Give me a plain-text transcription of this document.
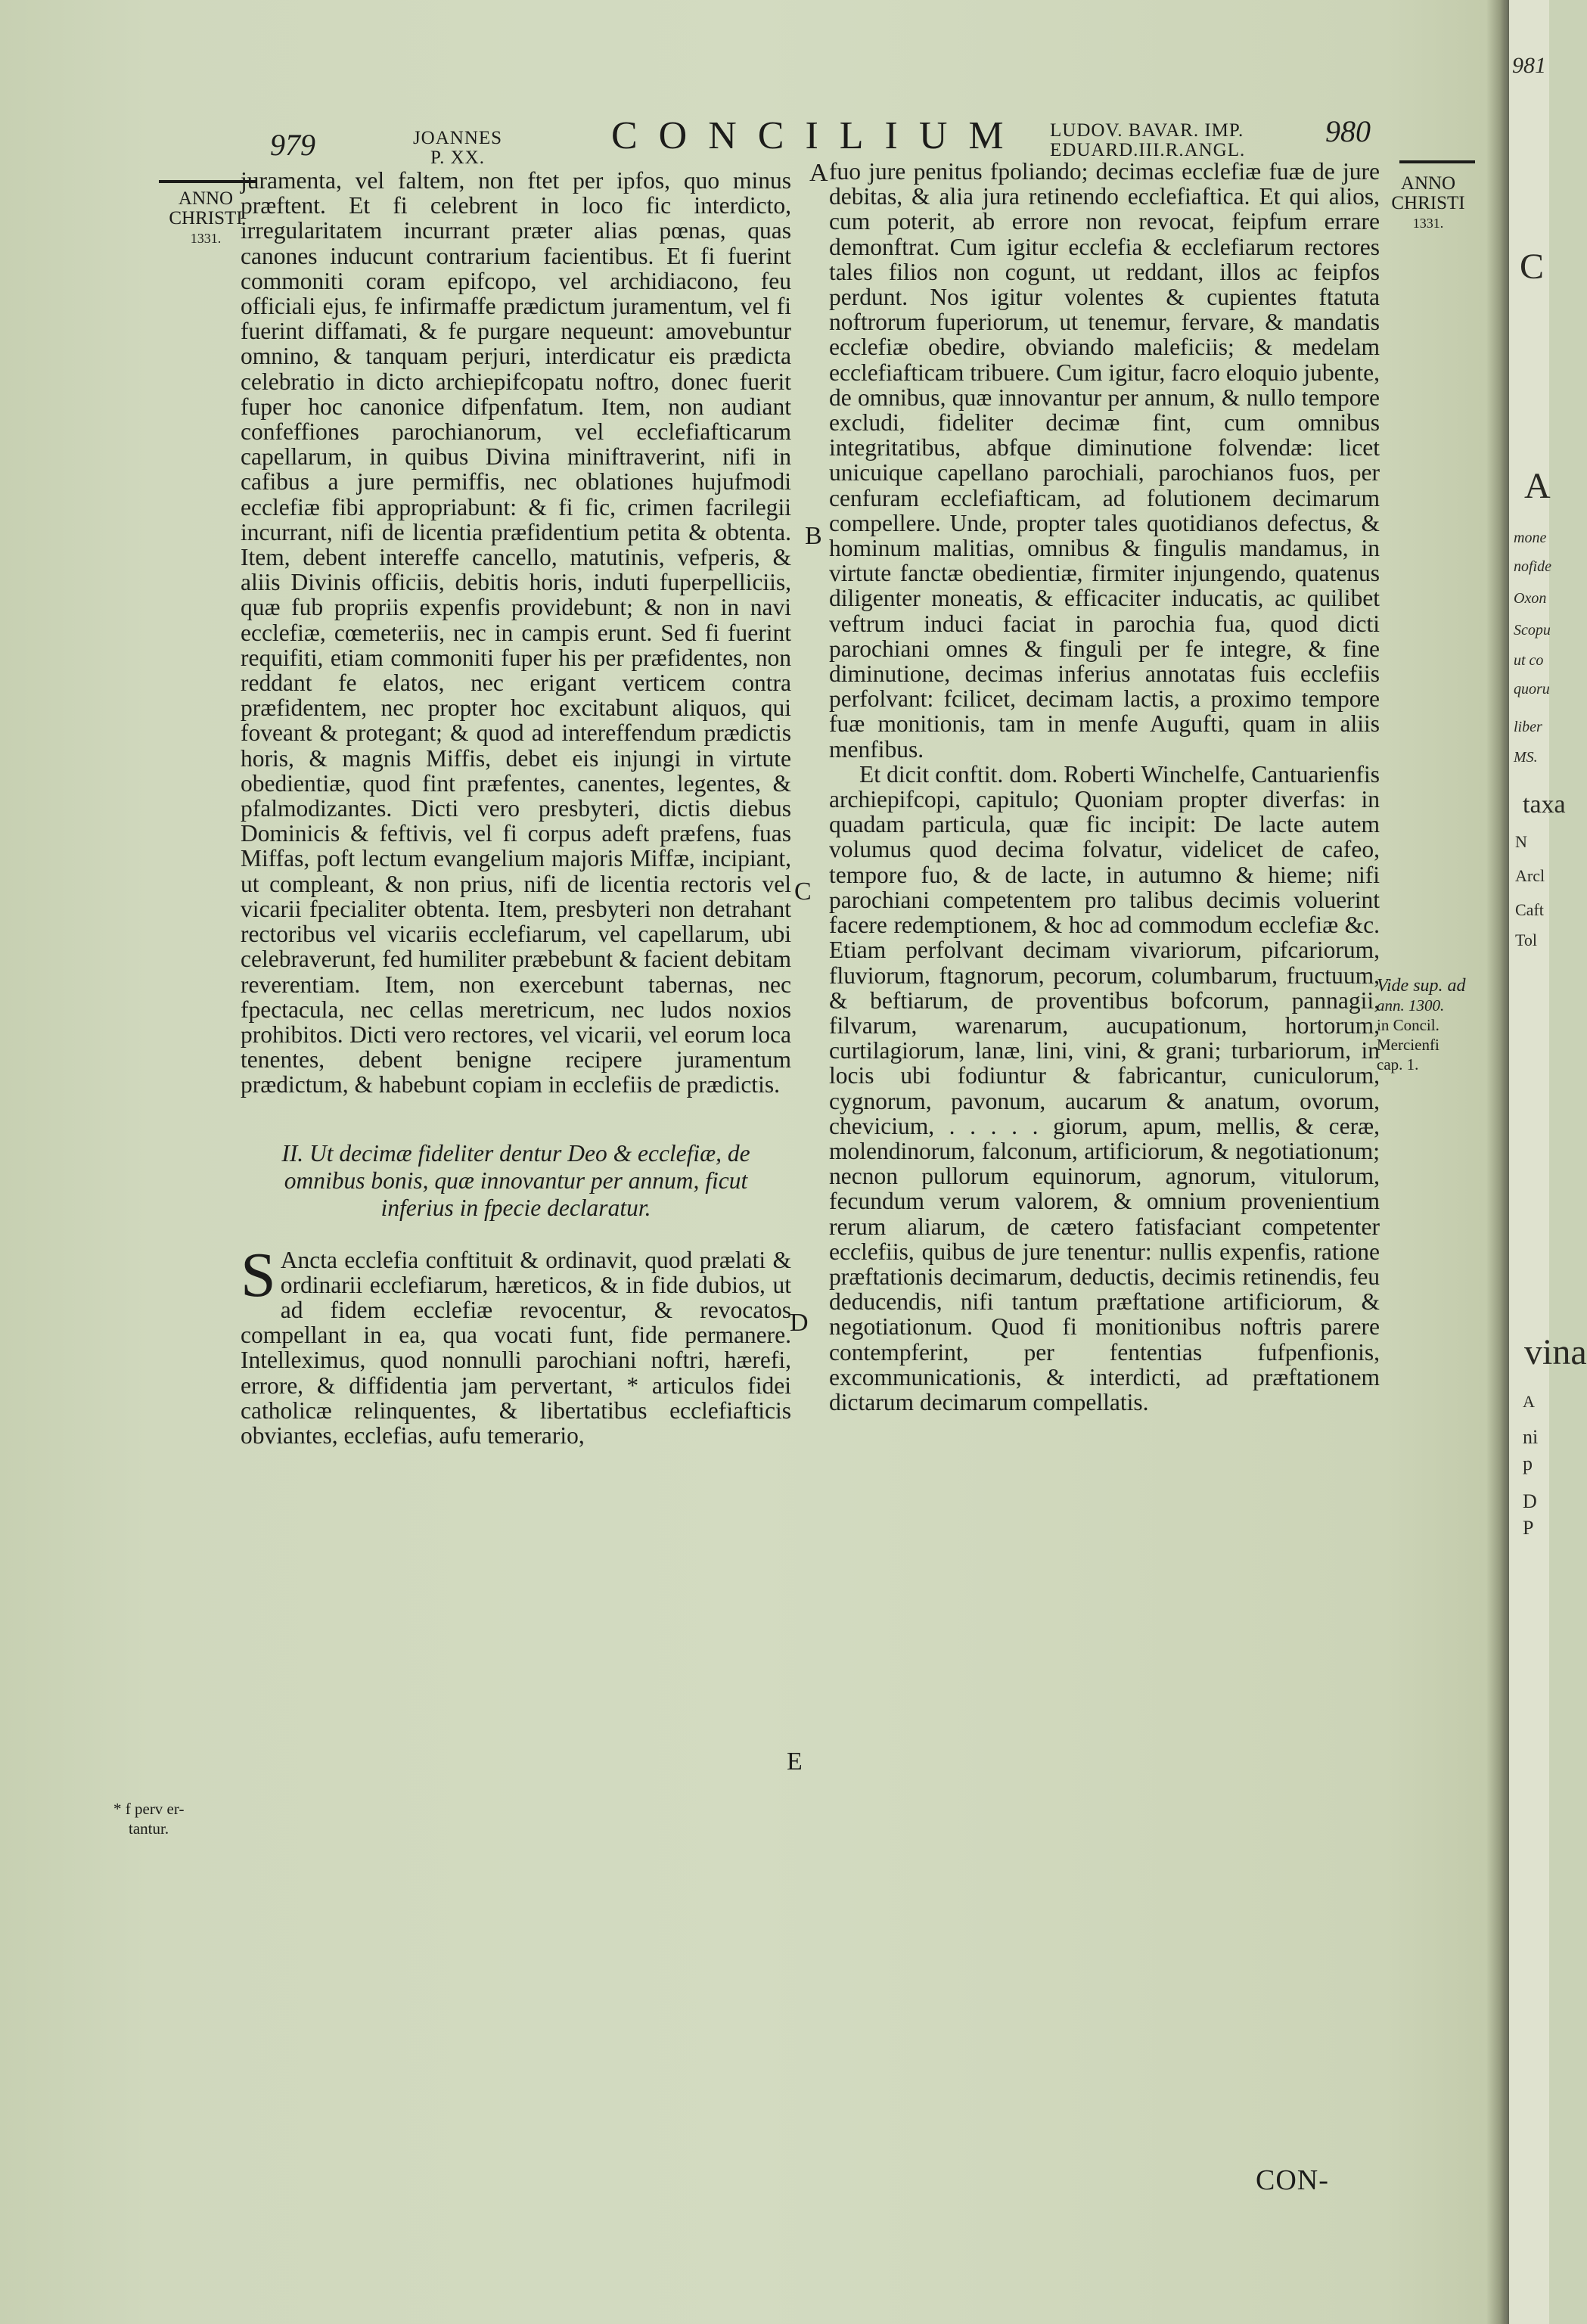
981
C
A
mone
nofide
Oxon
Scopu
ut co
quoru
liber
MS.
taxa
N
Arcl
Caft
Tol
vina
A
ni
p
D
P
979	JOANNES
P. XX.
CONCILIUM LUDOV. BAVAR. IMP.
EDUARD.III.R.ANGL.
980
ANNO
CHRISTI
1331.
ANNO
CHRISTI
1331.
* f perv er-
tantur.
Vide sup. ad
ann. 1300.
in Concil.
Mercienfi
cap. 1.
A
B
C
D
E

juramenta, vel faltem, non ftet per ipfos, quo minus præftent. Et fi celebrent in loco fic interdicto, irregularitatem incurrant præter alias pœnas, quas canones inducunt contrarium facientibus. Et fi fuerint commoniti coram epifcopo, vel archidiacono, feu officiali ejus, fe infirmaffe prædictum juramentum, vel fi fuerint diffamati, & fe purgare nequeunt: amovebuntur omnino, & tanquam perjuri, interdicatur eis prædicta celebratio in dicto archiepifcopatu noftro, donec fuerit fuper hoc canonice difpenfatum. Item, non audiant confeffiones parochianorum, vel ecclefiafticarum capellarum, in quibus Divina miniftraverint, nifi in cafibus a jure permiffis, nec oblationes hujufmodi ecclefiæ fibi appropriabunt: & fi fic, crimen facrilegii incurrant, nifi de licentia præfidentium petita & obtenta. Item, debent intereffe cancello, matutinis, vefperis, & aliis Divinis officiis, debitis horis, induti fuperpelliciis, quæ fub propriis expenfis providebunt; & non in navi ecclefiæ, cœmeteriis, nec in campis erunt. Sed fi fuerint requifiti, etiam commoniti fuper his per præfidentes, non reddant fe elatos, nec erigant verticem contra præfidentem, nec propter hoc excitabunt aliquos, qui foveant & protegant; & quod ad intereffendum prædictis horis, & magnis Miffis, debet eis injungi in virtute obedientiæ, quod fint præfentes, canentes, legentes, & pfalmodizantes. Dicti vero presbyteri, dictis diebus Dominicis & feftivis, vel fi corpus adeft præfens, fuas Miffas, poft lectum evangelium majoris Miffæ, incipiant, ut compleant, & non prius, nifi de licentia rectoris vel vicarii fpecialiter obtenta. Item, presbyteri non detrahant rectoribus vel vicariis ecclefiarum, vel capellarum, ubi celebraverunt, fed humiliter præbebunt & facient debitam reverentiam. Item, non exercebunt tabernas, nec fpectacula, nec cellas meretricum, nec ludos noxios prohibitos. Dicti vero rectores, vel vicarii, vel eorum loca tenentes, debent benigne recipere juramentum prædictum, & habebunt copiam in ecclefiis de prædictis.

II. Ut decimæ fideliter dentur Deo & ecclefiæ, de omnibus bonis, quæ innovantur per annum, ficut inferius in fpecie declaratur.

S Ancta ecclefia conftituit & ordinavit, quod prælati & ordinarii ecclefiarum, hæreticos, & in fide dubios, ut ad fidem ecclefiæ revocentur, & revocatos compellant in ea, qua vocati funt, fide permanere. Intelleximus, quod nonnulli parochiani noftri, hærefi, errore, & diffidentia jam pervertant, * articulos fidei catholicæ relinquentes, & libertatibus ecclefiafticis obviantes, ecclefias, aufu temerario,

fuo jure penitus fpoliando; decimas ecclefiæ fuæ de jure debitas, & alia jura retinendo ecclefiaftica. Et qui alios, cum poterit, ab errore non revocat, feipfum errare demonftrat. Cum igitur ecclefia & ecclefiarum rectores tales filios non cogunt, ut reddant, illos ac feipfos perdunt. Nos igitur volentes & cupientes ftatuta noftrorum fuperiorum, ut tenemur, fervare, & mandatis ecclefiæ obedire, obviando maleficiis; & medelam ecclefiafticam tribuere. Cum igitur, facro eloquio jubente, de omnibus, quæ innovantur per annum, & nullo tempore excludi, fideliter decimæ fint, cum omnibus integritatibus, abfque diminutione folvendæ: licet unicuique capellano parochiali, parochianos fuos, per cenfuram ecclefiafticam, ad folutionem decimarum compellere. Unde, propter tales quotidianos defectus, & hominum malitias, omnibus & fingulis mandamus, in virtute fanctæ obedientiæ, firmiter injungendo, quatenus diligenter moneatis, & efficaciter inducatis, ac quilibet veftrum induci faciat in parochia fua, quod dicti parochiani omnes & finguli per fe integre, & fine diminutione, decimas inferius annotatas fuis ecclefiis perfolvant: fcilicet, decimam lactis, a proximo tempore fuæ monitionis, tam in menfe Augufti, quam in aliis menfibus.

Et dicit conftit. dom. Roberti Winchelfe, Cantuarienfis archiepifcopi, capitulo; Quoniam propter diverfas: in quadam particula, quæ fic incipit: De lacte autem volumus quod decima folvatur, videlicet de cafeo, tempore fuo, & de lacte, in autumno & hieme; nifi parochiani competentem pro talibus decimis voluerint facere redemptionem, & hoc ad commodum ecclefiæ &c. Etiam perfolvant decimam vivariorum, pifcariorum, fluviorum, ftagnorum, pecorum, columbarum, fructuum, & beftiarum, de proventibus bofcorum, pannagii, filvarum, warenarum, aucupationum, hortorum, curtilagiorum, lanæ, lini, vini, & grani; turbariorum, in locis ubi fodiuntur & fabricantur, cuniculorum, cygnorum, pavonum, aucarum & anatum, ovorum, chevicium, . . . . . giorum, apum, mellis, & ceræ, molendinorum, falconum, artificiorum, & negotiationum; necnon pullorum equinorum, agnorum, vitulorum, fecundum verum valorem, & omnium provenientium rerum aliarum, de cætero fatisfaciant competenter ecclefiis, quibus de jure tenentur: nullis expenfis, ratione præftationis decimarum, deductis, decimis retinendis, feu deducendis, nifi tantum præftatione artificiorum, & negotiationum. Quod fi monitionibus noftris parere contempferint, per fententias fufpenfionis, excommunicationis, & interdicti, ad præftationem dictarum decimarum compellatis.

CON-
